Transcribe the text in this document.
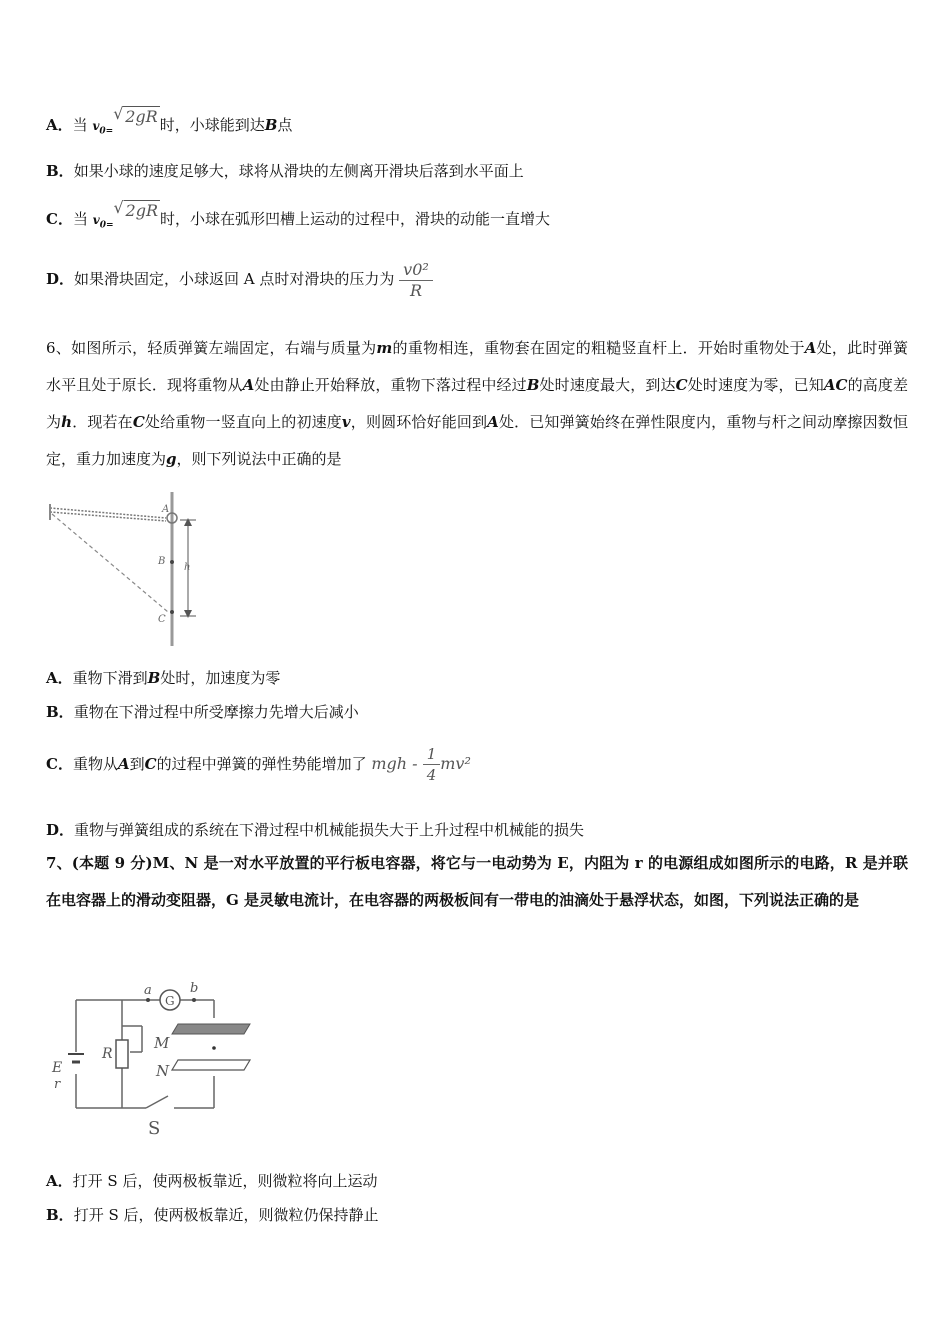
A．当 $v_{0=}$
√ 2gR 时，小球能到达B点
B．如果小球的速度足够大，球将从滑块的左侧离开滑块后落到水平面上
C．当 $v_{0=}$
√ 2gR 时，小球在弧形凹槽上运动的过程中，滑块的动能一直增大
D．如果滑块固定，小球返回 A 点时对滑块的压力为 $\frac{\text{v0²}}{R}$
6、如图所示，轻质弹簧左端固定，右端与质量为m的重物相连，重物套在固定的粗糙竖直杆上．开始时重物处于A处，此时弹簧水平且处于原长．现将重物从A处由静止开始释放，重物下落过程中经过B处时速度最大，到达C处时速度为零，已知AC的高度差为h．现若在C处给重物一竖直向上的初速度v，则圆环恰好能回到A处．已知弹簧始终在弹性限度内，重物与杆之间动摩擦因数恒定，重力加速度为g，则下列说法中正确的是
A
B
C
h
A．重物下滑到B处时，加速度为零
B．重物在下滑过程中所受摩擦力先增大后减小
C．重物从A到C的过程中弹簧的弹性势能增加了 mgh - $\frac{1}{4} mv^2$
D．重物与弹簧组成的系统在下滑过程中机械能损失大于上升过程中机械能的损失
7、(本题 9 分)M、N 是一对水平放置的平行板电容器，将它与一电动势为 E，内阻为 r 的电源组成如图所示的电路，R 是并联在电容器上的滑动变阻器，G 是灵敏电流计，在电容器的两极板间有一带电的油滴处于悬浮状态，如图，下列说法正确的是
G
a	b
R
M
N
E
r
S
A．打开 S 后，使两极板靠近，则微粒将向上运动
B．打开 S 后，使两极板靠近，则微粒仍保持静止
